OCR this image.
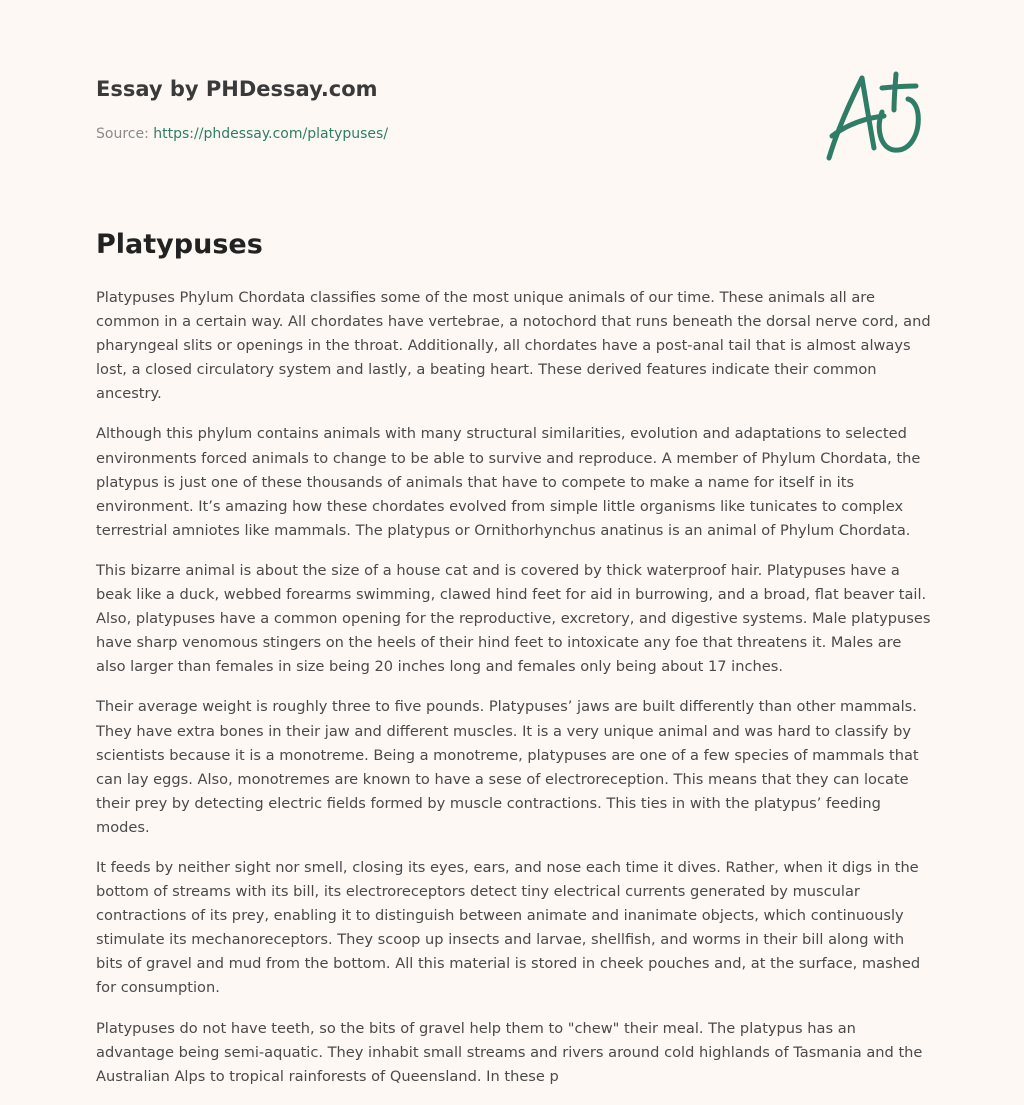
Essay by PHDessay.com

Source: https://phdessay.com/platypuses/
Platypuses

Platypuses Phylum Chordata classifies some of the most unique animals of our time. These animals all are common in a certain way. All chordates have vertebrae, a notochord that runs beneath the dorsal nerve cord, and pharyngeal slits or openings in the throat. Additionally, all chordates have a post-anal tail that is almost always lost, a closed circulatory system and lastly, a beating heart. These derived features indicate their common ancestry.

Although this phylum contains animals with many structural similarities, evolution and adaptations to selected environments forced animals to change to be able to survive and reproduce. A member of Phylum Chordata, the platypus is just one of these thousands of animals that have to compete to make a name for itself in its environment. It’s amazing how these chordates evolved from simple little organisms like tunicates to complex terrestrial amniotes like mammals. The platypus or Ornithorhynchus anatinus is an animal of Phylum Chordata.

This bizarre animal is about the size of a house cat and is covered by thick waterproof hair. Platypuses have a beak like a duck, webbed forearms swimming, clawed hind feet for aid in burrowing, and a broad, flat beaver tail. Also, platypuses have a common opening for the reproductive, excretory, and digestive systems. Male platypuses have sharp venomous stingers on the heels of their hind feet to intoxicate any foe that threatens it. Males are also larger than females in size being 20 inches long and females only being about 17 inches.

Their average weight is roughly three to five pounds. Platypuses’ jaws are built differently than other mammals. They have extra bones in their jaw and different muscles. It is a very unique animal and was hard to classify by scientists because it is a monotreme. Being a monotreme, platypuses are one of a few species of mammals that can lay eggs. Also, monotremes are known to have a sese of electroreception. This means that they can locate their prey by detecting electric fields formed by muscle contractions. This ties in with the platypus’ feeding modes.

It feeds by neither sight nor smell, closing its eyes, ears, and nose each time it dives. Rather, when it digs in the bottom of streams with its bill, its electroreceptors detect tiny electrical currents generated by muscular contractions of its prey, enabling it to distinguish between animate and inanimate objects, which continuously stimulate its mechanoreceptors. They scoop up insects and larvae, shellfish, and worms in their bill along with bits of gravel and mud from the bottom. All this material is stored in cheek pouches and, at the surface, mashed for consumption.

Platypuses do not have teeth, so the bits of gravel help them to "chew" their meal. The platypus has an advantage being semi-aquatic. They inhabit small streams and rivers around cold highlands of Tasmania and the Australian Alps to tropical rainforests of Queensland. In these p
